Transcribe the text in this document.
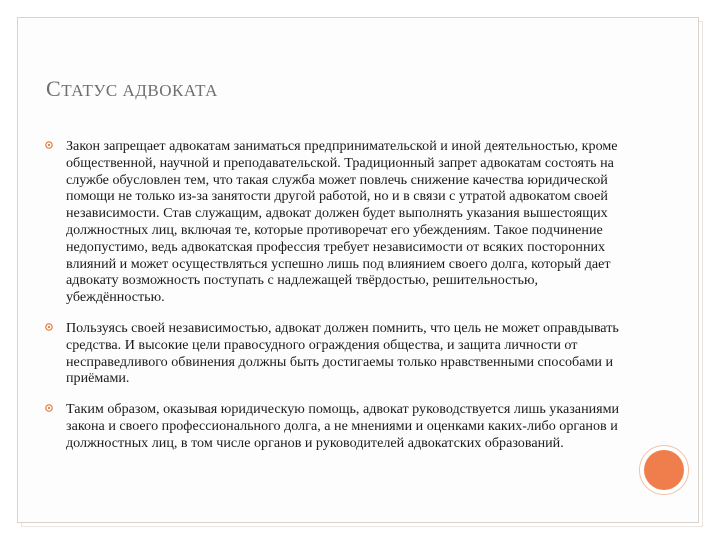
СТАТУС АДВОКАТА
Закон запрещает адвокатам заниматься предпринимательской и иной деятельностью, кроме общественной, научной и преподавательской. Традиционный запрет адвокатам состоять на службе обусловлен тем, что такая служба может повлечь снижение качества юридической помощи не только из-за занятости другой работой, но и в связи с утратой адвокатом своей независимости. Став служащим, адвокат должен будет выполнять указания вышестоящих должностных лиц, включая те, которые противоречат его убеждениям. Такое подчинение недопустимо, ведь адвокатская профессия требует независимости от всяких посторонних влияний и может осуществляться успешно лишь под влиянием своего долга, который дает адвокату возможность поступать с надлежащей твёрдостью, решительностью, убеждённостью.
Пользуясь своей независимостью, адвокат должен помнить, что цель не может оправдывать средства. И высокие цели правосудного ограждения общества, и защита личности от несправедливого обвинения должны быть достигаемы только нравственными способами и приёмами.
Таким образом, оказывая юридическую помощь, адвокат руководствуется лишь указаниями закона и своего профессионального долга, а не мнениями и оценками каких-либо органов и должностных лиц, в том числе органов и руководителей адвокатских образований.
